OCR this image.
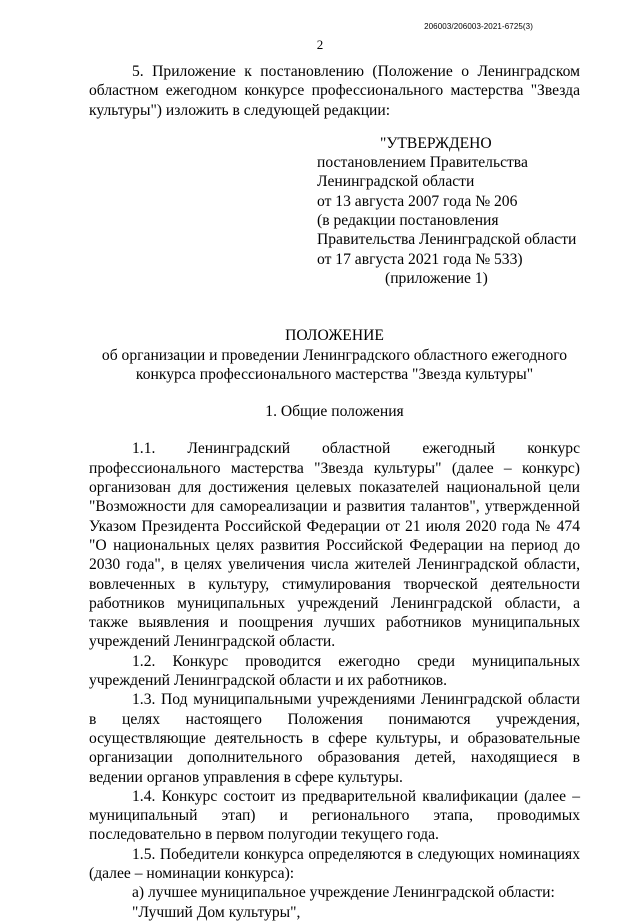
206003/206003-2021-6725(3)
2

5. Приложение к постановлению (Положение о Ленинградском областном ежегодном конкурсе профессионального мастерства "Звезда культуры") изложить в следующей редакции:

"УТВЕРЖДЕНО
постановлением Правительства
Ленинградской области
от 13 августа 2007 года № 206
(в редакции постановления
Правительства Ленинградской области
от 17 августа 2021 года № 533)
(приложение 1)
ПОЛОЖЕНИЕ
об организации и проведении Ленинградского областного ежегодного
конкурса профессионального мастерства "Звезда культуры"
1. Общие положения

1.1. Ленинградский областной ежегодный конкурс профессионального мастерства "Звезда культуры" (далее – конкурс) организован для достижения целевых показателей национальной цели "Возможности для самореализации и развития талантов", утвержденной Указом Президента Российской Федерации от 21 июля 2020 года № 474 "О национальных целях развития Российской Федерации на период до 2030 года", в целях увеличения числа жителей Ленинградской области, вовлеченных в культуру, стимулирования творческой деятельности работников муниципальных учреждений Ленинградской области, а также выявления и поощрения лучших работников муниципальных учреждений Ленинградской области.

1.2. Конкурс проводится ежегодно среди муниципальных учреждений Ленинградской области и их работников.

1.3. Под муниципальными учреждениями Ленинградской области в целях настоящего Положения понимаются учреждения, осуществляющие деятельность в сфере культуры, и образовательные организации дополнительного образования детей, находящиеся в ведении органов управления в сфере культуры.

1.4. Конкурс состоит из предварительной квалификации (далее – муниципальный этап) и регионального этапа, проводимых последовательно в первом полугодии текущего года.

1.5. Победители конкурса определяются в следующих номинациях (далее – номинации конкурса):

а) лучшее муниципальное учреждение Ленинградской области:

"Лучший Дом культуры",
